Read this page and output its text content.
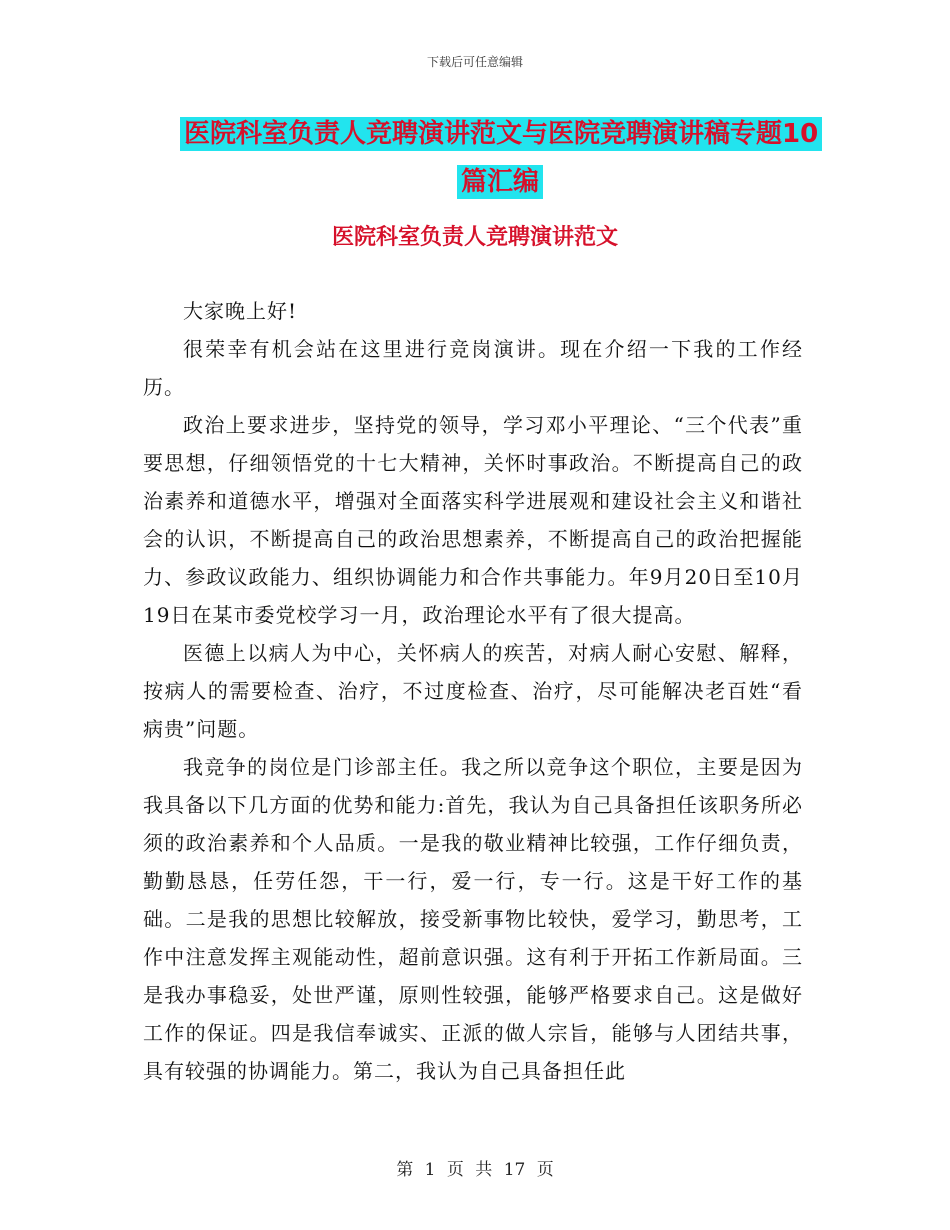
下载后可任意编辑
医院科室负责人竞聘演讲范文与医院竞聘演讲稿专题10篇汇编
医院科室负责人竞聘演讲范文

大家晚上好!

很荣幸有机会站在这里进行竞岗演讲。现在介绍一下我的工作经历。

政治上要求进步，坚持党的领导，学习邓小平理论、“三个代表”重要思想，仔细领悟党的十七大精神，关怀时事政治。不断提高自己的政治素养和道德水平，增强对全面落实科学进展观和建设社会主义和谐社会的认识，不断提高自己的政治思想素养，不断提高自己的政治把握能力、参政议政能力、组织协调能力和合作共事能力。年9月20日至10月19日在某市委党校学习一月，政治理论水平有了很大提高。

医德上以病人为中心，关怀病人的疾苦，对病人耐心安慰、解释，按病人的需要检查、治疗，不过度检查、治疗，尽可能解决老百姓“看病贵”问题。

我竞争的岗位是门诊部主任。我之所以竞争这个职位，主要是因为我具备以下几方面的优势和能力:首先，我认为自己具备担任该职务所必须的政治素养和个人品质。一是我的敬业精神比较强，工作仔细负责，勤勤恳恳，任劳任怨，干一行，爱一行，专一行。这是干好工作的基础。二是我的思想比较解放，接受新事物比较快，爱学习，勤思考，工作中注意发挥主观能动性，超前意识强。这有利于开拓工作新局面。三是我办事稳妥，处世严谨，原则性较强，能够严格要求自己。这是做好工作的保证。四是我信奉诚实、正派的做人宗旨，能够与人团结共事，具有较强的协调能力。第二，我认为自己具备担任此

第 1 页 共 17 页
